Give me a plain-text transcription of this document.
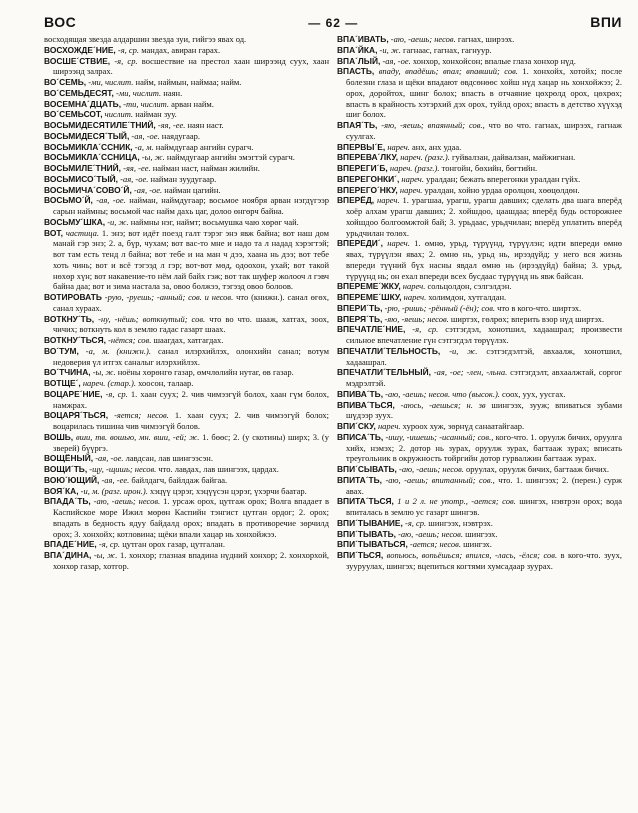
ВОС	— 62 —	ВПИ

восходящая звезда алдаршин звезда зуи, гийгээ явах од.

ВОСХОЖДЕ´НИЕ, -я, ср. мандах, авиран гарах.

ВОСШЕ´СТВИЕ, -я, ср. восшествие на престол хаан ширээнд суух, хаан ширээнд залрах.

ВО´СЕМЬ, -ми, числит. найм, наймын, наймаа; найм.

ВО´СЕМЬДЕСЯТ, -ми, числит. наян.

ВОСЕМНА´ДЦАТЬ, -ти, числит. арван найм.

ВО´СЕМЬСОТ, числит. найман зуу.

ВОСЬМИДЕСЯТИЛЕ´ТНИЙ, -яя, -ее. наян наст.

ВОСЬМИДЕСЯ´ТЫЙ, -ая, -ое. наядугаар.

ВОСЬМИКЛА´ССНИК, -а, м. наймдугаар ангийн сурагч.

ВОСЬМИКЛА´ССНИЦА, -ы, ж. наймдугаар ангийн эмэгтэй сурагч.

ВОСЬМИЛЕ´ТНИЙ, -яя, -ее. найман наст, найман жилийн.

ВОСЬМИСО´ТЫЙ, -ая, -ое. найман зуудугаар.

ВОСЬМИЧА´СОВО´Й, -ая, -ое. найман цагийн.

ВОСЬМО´Й, -ая, -ое. найман, наймдугаар; восьмое ноября арван нэгдүгээр сарын наймны; восьмой час найм дахь цаг, долоо өнгөрч байна.

ВОСЬМУ´ШКА, -и, ж. наймны нэг, наймт; восьмушка чаю хөрөг чай.

ВОТ, частица. 1. энэ; вот идёт поезд галт тэрэг энэ явж байна; вот наш дом манай гэр энэ; 2. а, бүр, чухам; вот вас-то мне и надо та л надад хэрэгтэй; вот там есть тенд л байна; вот тебе и на ман ч дээ, хаана нь дээ; вот тебе хоть чинь; вот и всё тэгээд л гэр; вот-вот мөд, одоохон, ухай; вот такой нөхөр хүн; вот накавение-то нём лай байх гэж; вот так шуфер жолооч л гэвч байна даа; вот и зима настала за, овоо болжээ, тэгээд овоо болоов.

ВОТИРОВАТЬ -рую, -руешь; -анный; сов. и несов. что (книжн.). санал өгөх, санал хураах.

ВОТКНУ´ТЬ, -ну, -нёшь; воткнутый; сов. что во что. шааж, хатгах, зоох, чичих; воткнуть кол в землю гадас газарт шаах.

ВОТКНУ´ТЬСЯ, -нётся; сов. шаагдах, хатгагдах.

ВО´ТУМ, -а, м. (книжн.). санал илэрхийлэх, олонхийн санал; вотум недоверия үл итгэх саналыг илэрхийлэх.

ВО´ТЧИНА, -ы, ж. ноёны хөрөнгө газар, өмчлөлийн нутаг, өв газар.

ВОТЩЕ´, нареч. (стар.). хоосон, талаар.

ВОЦАРЕ´НИЕ, -я, ср. 1. хаан суух; 2. чив чимээгүй болох, хаан гүм болох, намжрах.

ВОЦАРЯ´ТЬСЯ, -яется; несов. 1. хаан суух; 2. чив чимээгүй болох; воцарилась тишина чив чимээгүй болов.

ВОШЬ, вши, тв. вошью, мн. вши, -ей; ж. 1. бөөс; 2. (у скотины) ширх; 3. (у зверей) бүүргэ.

ВОЩЁНЫЙ, -ая, -ое. лавдсан, лав шингээсэн.

ВОЩИ´ТЬ, -щу, -щишь; несов. что. лавдах, лав шингээх, цардах.

ВОЮ´ЮЩИЙ, -ая, -ее. байлдагч, байлдаж байгаа.

ВОЯ´КА, -и, м. (разг. ирон.). хэцүү цэрэг, хэцүүсэн цэрэг, үхэрчи баатар.

ВПАДА´ТЬ, -аю, -аешь; несов. 1. урсаж орох, цутгаж орох; Волга впадает в Каспийское море Ижил мөрөн Каспийн тэнгист цутган ордог; 2. орох; впадать в бедность ядуу байдалд орох; впадать в противоречие зөрчилд орох; 3. хонхойх; котловина; щёки впали хацар нь хонхойжээ.

ВПАДЕ´НИЕ, -я, ср. цутган орох газар, цутгалан.

ВПА´ДИНА, -ы, ж. 1. хонхор; глазная впадина нүдний хонхор; 2. хонхорхой, хонхор газар, хотгор.

ВПА´ИВАТЬ, -аю, -аешь; несов. гагнах, ширээх.

ВПА´ЙКА, -и, ж. гагнаас, гагнах, гагнуур.

ВПА´ЛЫЙ, -ая, -ое. хонхор, хонхойсон; впалые глаза хонхор нүд.

ВПАСТЬ, впаду, впадёшь; впал; впавший; сов. 1. хонхойх, хотойх; после болезни глаза и щёки впадают өвдсөнөөс хойш нүд хацар нь хонхойжээ; 2. орох, доройтох, шинг болох; впасть в отчаяние цөхрөлд орох, цөхрөх; впасть в крайность хэтэрхий дэх орох, туйлд орох; впасть в детство хүүхэд шиг болох.

ВПАЯ´ТЬ, -яю, -яешь; впаянный; сов., что во что. гагнах, ширээх, гагнаж суулгах.

ВПЕРВЫ´Е, нареч. анх, анх удаа.

ВПЕРЕВА´ЛКУ, нареч. (разг.). гуйвалзан, дайвалзан, майжигнан.

ВПЕРЕГИ´Б, нареч. (разг.). тонгойн, бөхийн, бөгтийн.

ВПЕРЕГОНКИ´, нареч. уралдан; бежать вперегонки уралдан гүйх.

ВПЕРЕГО´НКУ, нареч. уралдан, хойно урдаа оролцон, хөөцөлдөн.

ВПЕРЁД, нареч. 1. урагшаа, урагш, урагш давших; сделать два шага вперёд хоёр алхам урагш давших; 2. хойшдоо, цаашдаа; вперёд будь осторожнее хойшдоо болгоомжтой бай; 3. урьдаас, урьдчилан; вперёд уплатить вперёд урьдчилан төлөх.

ВПЕРЕДИ´, нареч. 1. өмнө, урьд, түрүүнд, түрүүлэн; идти впереди өмнө явах, түрүүлэн явах; 2. өмнө нь, урьд нь, ирээдүйд; у него вся жизнь впереди түүний бүх насны явдал өмнө нь (ирээдүйд) байна; 3. урьд, түрүүнд нь; он ехал впереди всех бусдаас түрүүнд нь явж байсан.

ВПЕРЕМЕ´ЖКУ, нареч. сольцолдон, сэлгэлдэн.

ВПЕРЕМЕ´ШКУ, нареч. холимдон, хутгалдан.

ВПЕРИ´ТЬ, -рю, -ришь; -рённый (-ён); сов. что в кого-что. ширтэх.

ВПЕРЯ´ТЬ, -яю, -яешь; несов. ширтэх, гөлрөх; вперить взор нүд ширтэх.

ВПЕЧАТЛЕ´НИЕ, -я, ср. сэтгэгдэл, хонотшил, хадаашрал; произвести сильное впечатление гүн сэтгэгдэл төрүүлэх.

ВПЕЧАТЛИ´ТЕЛЬНОСТЬ, -и, ж. сэтгэгдэлтэй, авхаалж, хонотшил, хадаашрал.

ВПЕЧАТЛИ´ТЕЛЬНЫЙ, -ая, -ое; -лен, -льна. сэтгэгдэлт, авхаалжтай, соргог мэдрэлтэй.

ВПИВА´ТЬ, -аю, -аешь; несов. что (высок.). соох, уух, уусгах.

ВПИВА´ТЬСЯ, -аюсь, -аешься; н. зв шингээх, зууж; впиваться зубами шүдээр зуух.

ВПИ´СКУ, нареч. хуроох хуж, зөрнүд санаатайгаар.

ВПИСА´ТЬ, -ишу, -ишешь; -исанный; сов., кого-что. 1. оруулж бичих, оруулга хийх, нэмэх; 2. дотор нь зурах, оруулж зурах, багтааж зурах; вписать треугольник в окружность тойргийн дотор гурвалжин багтааж зурах.

ВПИ´СЫВАТЬ, -аю, -аешь; несов. оруулах, оруулж бичих, багтааж бичих.

ВПИТА´ТЬ, -аю, -аешь; впитанный; сов., что. 1. шингээх; 2. (перен.) сурж авах.

ВПИТА´ТЬСЯ, 1 и 2 л. не употр., -ается; сов. шингэх, нэвтрэн орох; вода впиталась в землю ус газарт шингэв.

ВПИ´ТЫВАНИЕ, -я, ср. шингээх, нэвтрэх.

ВПИ´ТЫВАТЬ, -аю, -аешь; несов. шингээх.

ВПИ´ТЫВАТЬСЯ, -ается; несов. шингэх.

ВПИ´ТЬСЯ, вопьюсь, вопьёшься; впился, -лась, -ёлся; сов. в кого-что. зуух, зууруулах, шингэх; вцепиться когтями хумсадаар зуурах.
